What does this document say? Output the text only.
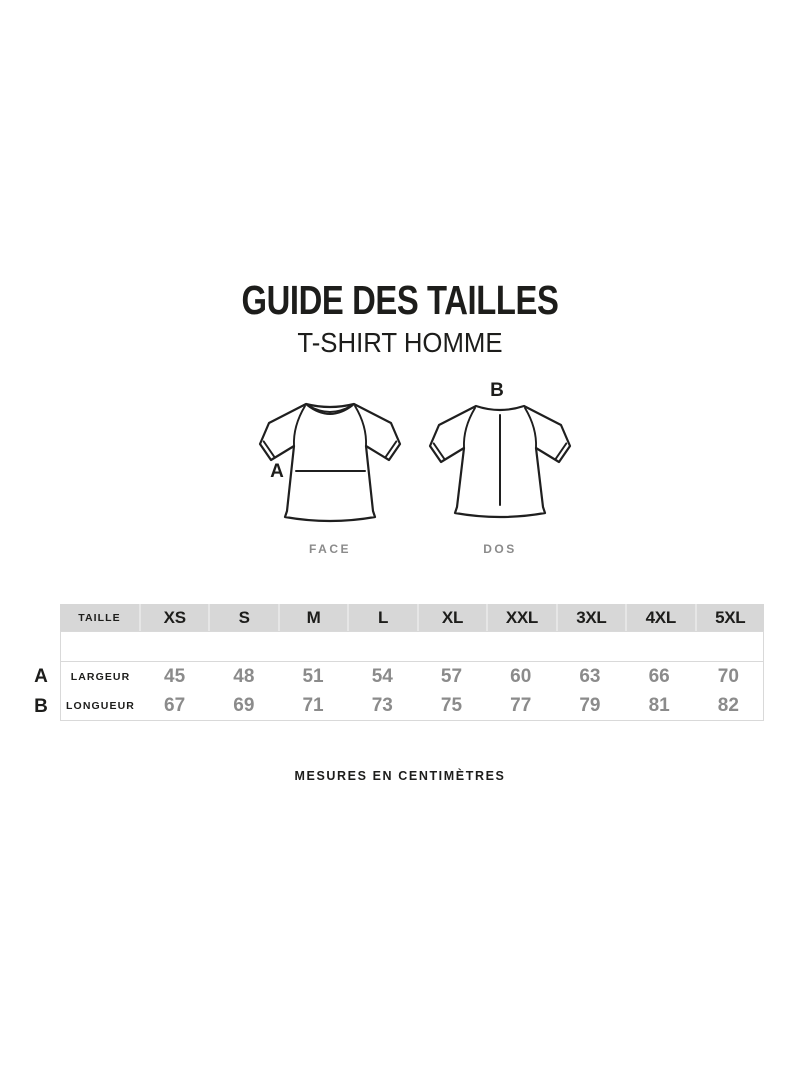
GUIDE DES TAILLES
T-SHIRT HOMME
A
B
FACE	DOS
A
B
TAILLE	XS	S	M	L	XL	XXL	3XL	4XL	5XL
LARGEUR	45	48	51	54	57	60	63	66	70
LONGUEUR	67	69	71	73	75	77	79	81	82
MESURES EN CENTIMÈTRES
